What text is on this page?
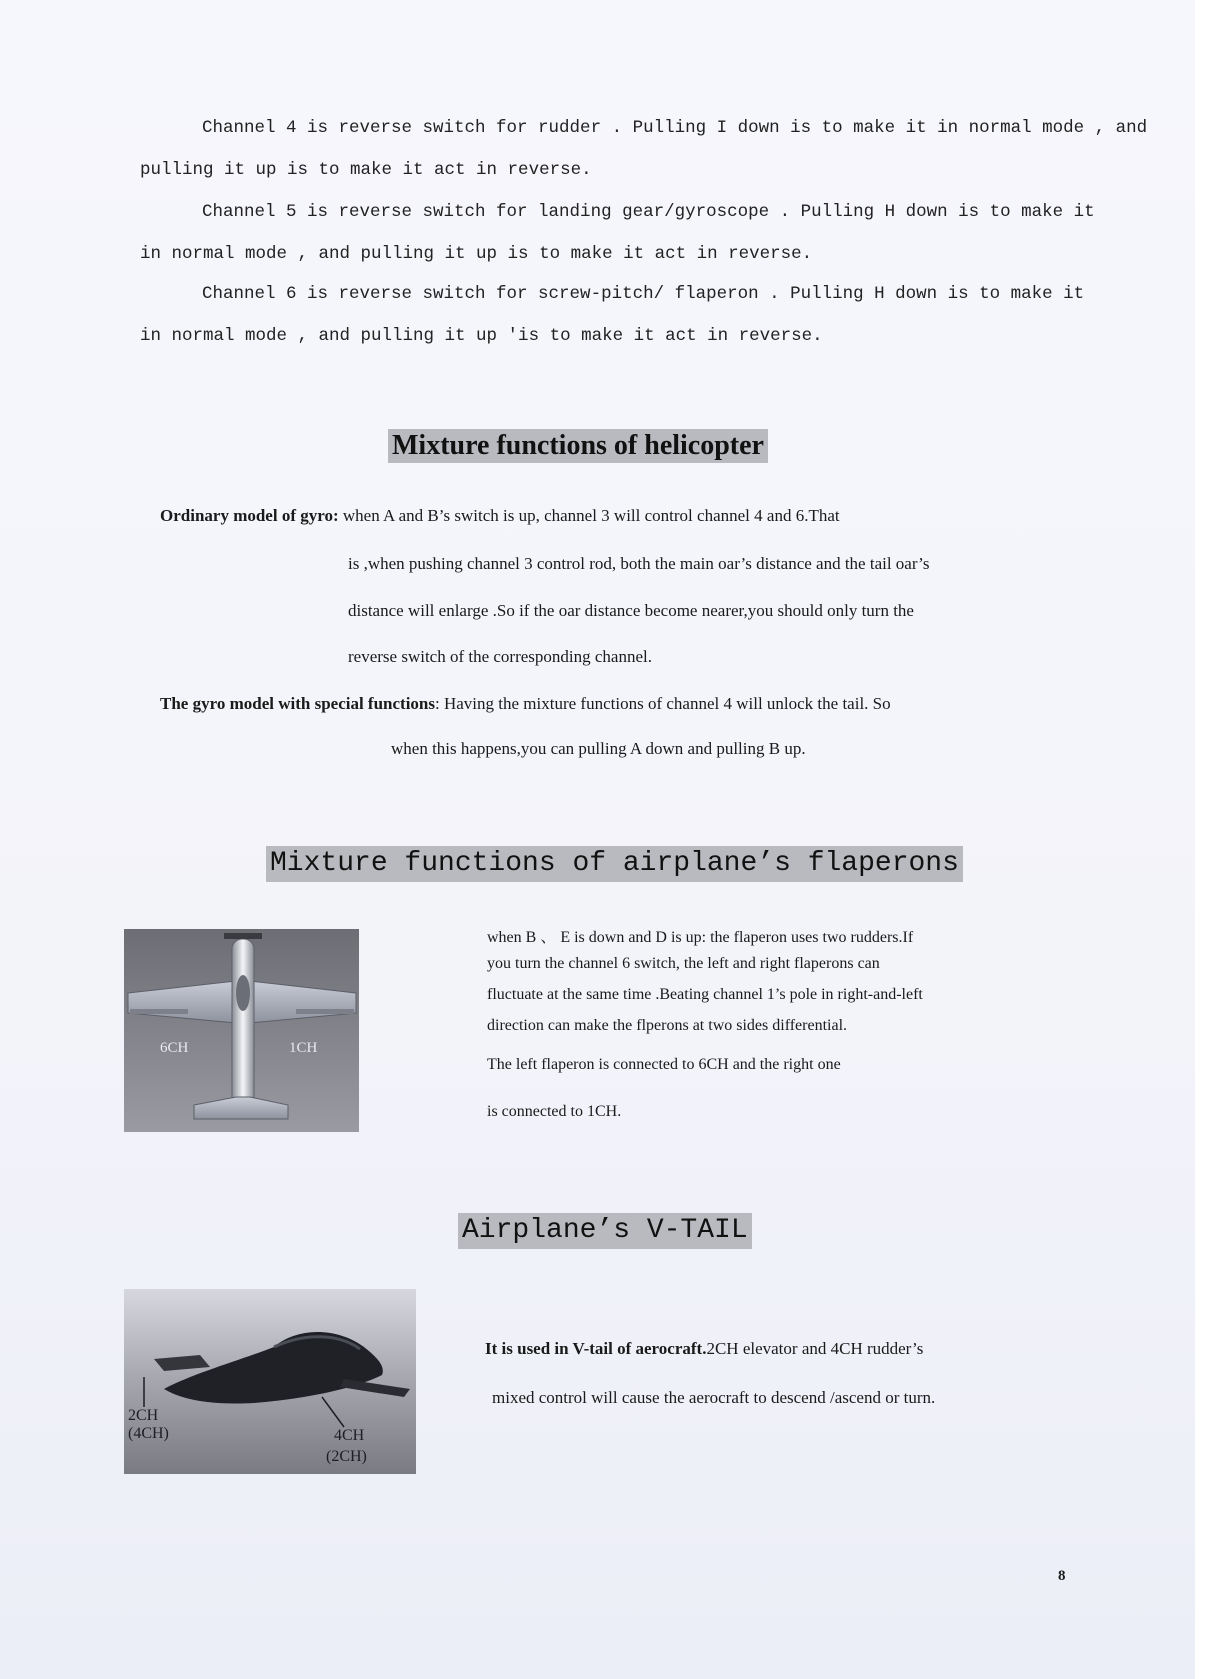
Channel 4 is reverse switch for rudder . Pulling I down is to make it in normal mode , and

pulling it up is to make it act in reverse.

Channel 5 is reverse switch for landing gear/gyroscope . Pulling H down is to make it

in normal mode , and pulling it up is to make it act in reverse.

Channel 6 is reverse switch for screw-pitch/ flaperon . Pulling H down is to make it

in normal mode , and pulling it up 'is to make it act in reverse.

Mixture functions of helicopter

Ordinary model of gyro: when A and B’s switch is up, channel 3 will control channel 4 and 6.That

is ,when pushing channel 3 control rod, both the main oar’s distance and the tail oar’s

distance will enlarge .So if the oar distance become nearer,you should only turn the

reverse switch of the corresponding channel.

The gyro model with special functions: Having the mixture functions of channel 4 will unlock the tail. So

when this happens,you can pulling A down and pulling B up.

Mixture functions of airplane’s flaperons
6CH	1CH

when B 、 E is down and D is up: the flaperon uses two rudders.If

you turn the channel 6 switch, the left and right flaperons can

fluctuate at the same time .Beating channel 1’s pole in right-and-left

direction can make the flperons at two sides differential.

The left flaperon is connected to 6CH and the right one

is connected to 1CH.

Airplane’s V-TAIL
2CH
(4CH)	4CH
(2CH)

It is used in V-tail of aerocraft.2CH elevator and 4CH rudder’s

mixed control will cause the aerocraft to descend /ascend or turn.

8
